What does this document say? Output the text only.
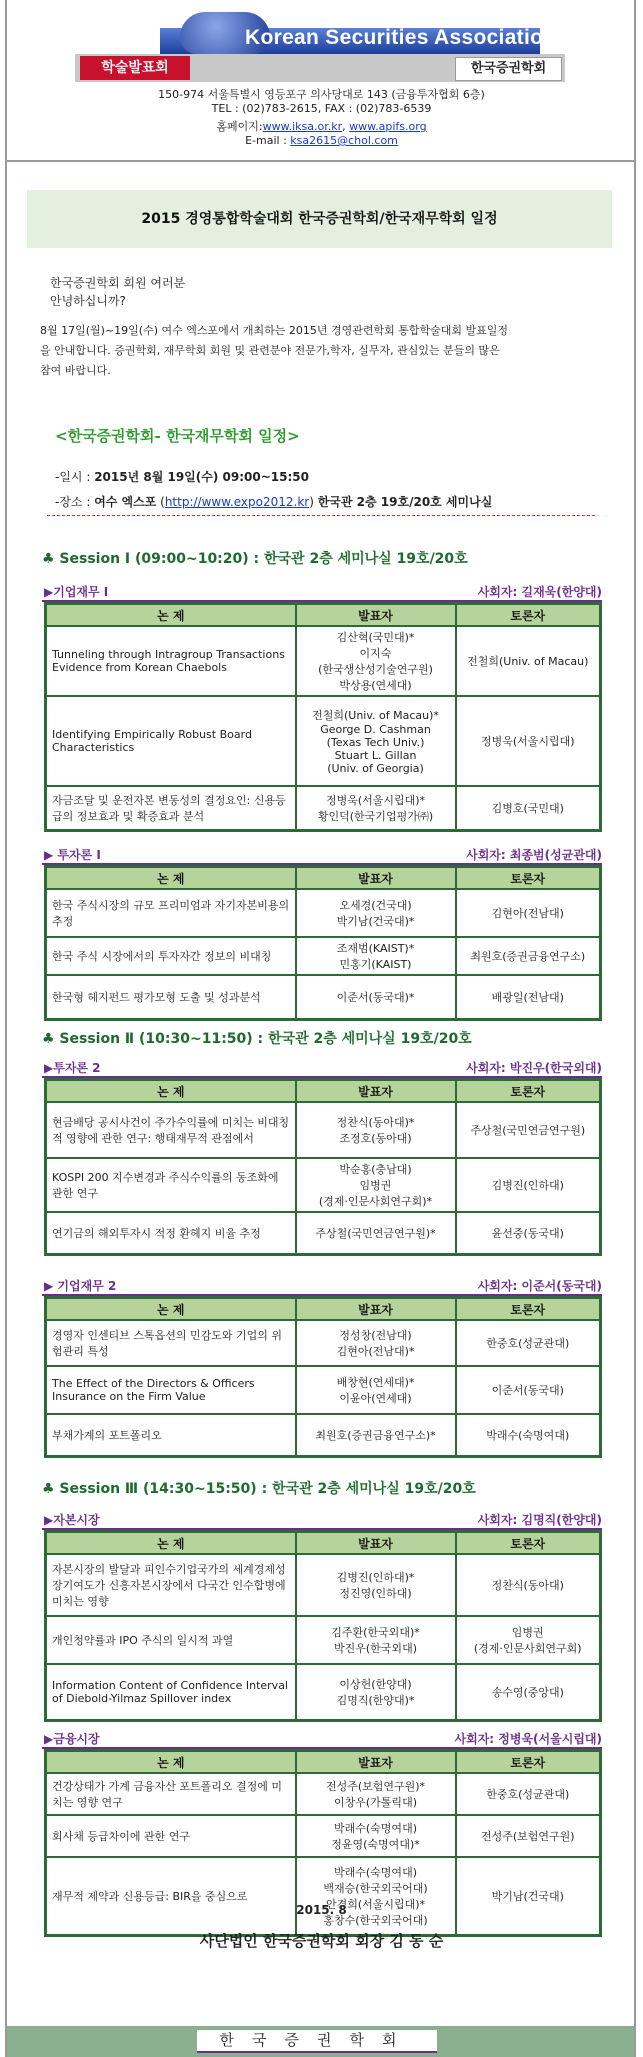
Korean Securities Association
학술발표회	한국증권학회
150-974 서울특별시 영등포구 의사당대로 143 (금융투자협회 6층)
TEL : (02)783-2615, FAX : (02)783-6539
홈페이지:www.iksa.or.kr, www.apifs.org
E-mail : ksa2615@chol.com
2015 경영통합학술대회 한국증권학회/한국재무학회 일정
한국증권학회 회원 여러분
안녕하십니까?
8월 17일(월)~19일(수) 여수 엑스포에서 개최하는 2015년 경영관련학회 통합학술대회 발표일정
을 안내합니다. 증권학회, 재무학회 회원 및 관련분야 전문가,학자, 실무자, 관심있는 분들의 많은
참여 바랍니다.
<한국증권학회- 한국재무학회 일정>
-일시 : 2015년 8월 19일(수) 09:00~15:50
-장소 : 여수 엑스포 (http://www.expo2012.kr) 한국관 2층 19호/20호 세미나실
♣ Session Ⅰ (09:00~10:20) : 한국관 2층 세미나실 19호/20호
♣ Session Ⅱ (10:30~11:50) : 한국관 2층 세미나실 19호/20호
♣ Session Ⅲ (14:30~15:50) : 한국관 2층 세미나실 19호/20호
▶기업재무 I	사회자: 길재욱(한양대)
논 제	발표자	토론자
Tunneling through Intragroup Transactions Evidence from Korean Chaebols	김산혁(국민대)*
이지숙
(한국생산성기술연구원)
박상용(연세대)	전철희(Univ. of Macau)
Identifying Empirically Robust Board Characteristics	전철희(Univ. of Macau)*
George D. Cashman
(Texas Tech Univ.)
Stuart L. Gillan
(Univ. of Georgia)	정병욱(서울시립대)
자금조달 및 운전자본 변동성의 결정요인: 신용등급의 정보효과 및 확증효과 분석	정병욱(서울시립대)*
황인덕(한국기업평가㈜)	김병호(국민대)
▶ 투자론 I	사회자: 최종범(성균관대)
논 제	발표자	토론자
한국 주식시장의 규모 프리미엄과 자기자본비용의 추정	오세경(건국대)
박기남(건국대)*	김현아(전남대)
한국 주식 시장에서의 투자자간 정보의 비대칭	조재범(KAIST)*
민홍기(KAIST)	최원호(증권금융연구소)
한국형 헤지펀드 평가모형 도출 및 성과분석	이준서(동국대)*	배광일(전남대)
▶투자론 2	사회자: 박진우(한국외대)
논 제	발표자	토론자
현금배당 공시사건이 주가수익률에 미치는 비대칭적 영향에 관한 연구: 행태재무적 관점에서	정찬식(동아대)*
조정호(동아대)	주상철(국민연금연구원)
KOSPI 200 지수변경과 주식수익률의 동조화에 관한 연구	박순홍(충남대)
임병권
(경제·인문사회연구회)*	김병진(인하대)
연기금의 해외투자시 적정 환헤지 비율 추정	주상철(국민연금연구원)*	윤선중(동국대)
▶ 기업재무 2	사회자: 이준서(동국대)
논 제	발표자	토론자
경영자 인센티브 스톡옵션의 민감도와 기업의 위험관리 특성	정성창(전남대)
김현아(전남대)*	한중호(성균관대)
The Effect of the Directors & Officers Insurance on the Firm Value	배창현(연세대)*
이윤아(연세대)	이준서(동국대)
부채가계의 포트폴리오	최원호(증권금융연구소)*	박래수(숙명여대)
▶자본시장	사회자: 김명직(한양대)
논 제	발표자	토론자
자본시장의 발달과 피인수기업국가의 세계경제성장기여도가 신흥자본시장에서 다국간 인수합병에 미치는 영향	김병진(인하대)*
정진영(인하대)	정찬식(동아대)
개인청약률과 IPO 주식의 일시적 과열	김주환(한국외대)*
박진우(한국외대)	임병권
(경제·인문사회연구회)
Information Content of Confidence Interval of Diebold-Yilmaz Spillover index	이상헌(한양대)
김명직(한양대)*	송수영(중앙대)
▶금융시장	사회자: 정병욱(서울시립대)
논 제	발표자	토론자
건강상태가 가계 금융자산 포트폴리오 결정에 미치는 영향 연구	전성주(보험연구원)*
이창우(가톨릭대)	한중호(성균관대)
회사채 등급차이에 관한 연구	박래수(숙명여대)
정윤영(숙명여대)*	전성주(보험연구원)
재무적 제약과 신용등급: BIR을 중심으로	박래수(숙명여대)
백재승(한국외국어대)
안경희(서울시립대)*
홍창수(한국외국어대)	박기남(건국대)
2015. 8
사단법인 한국증권학회 회장 김 동 순
한국증권학회
